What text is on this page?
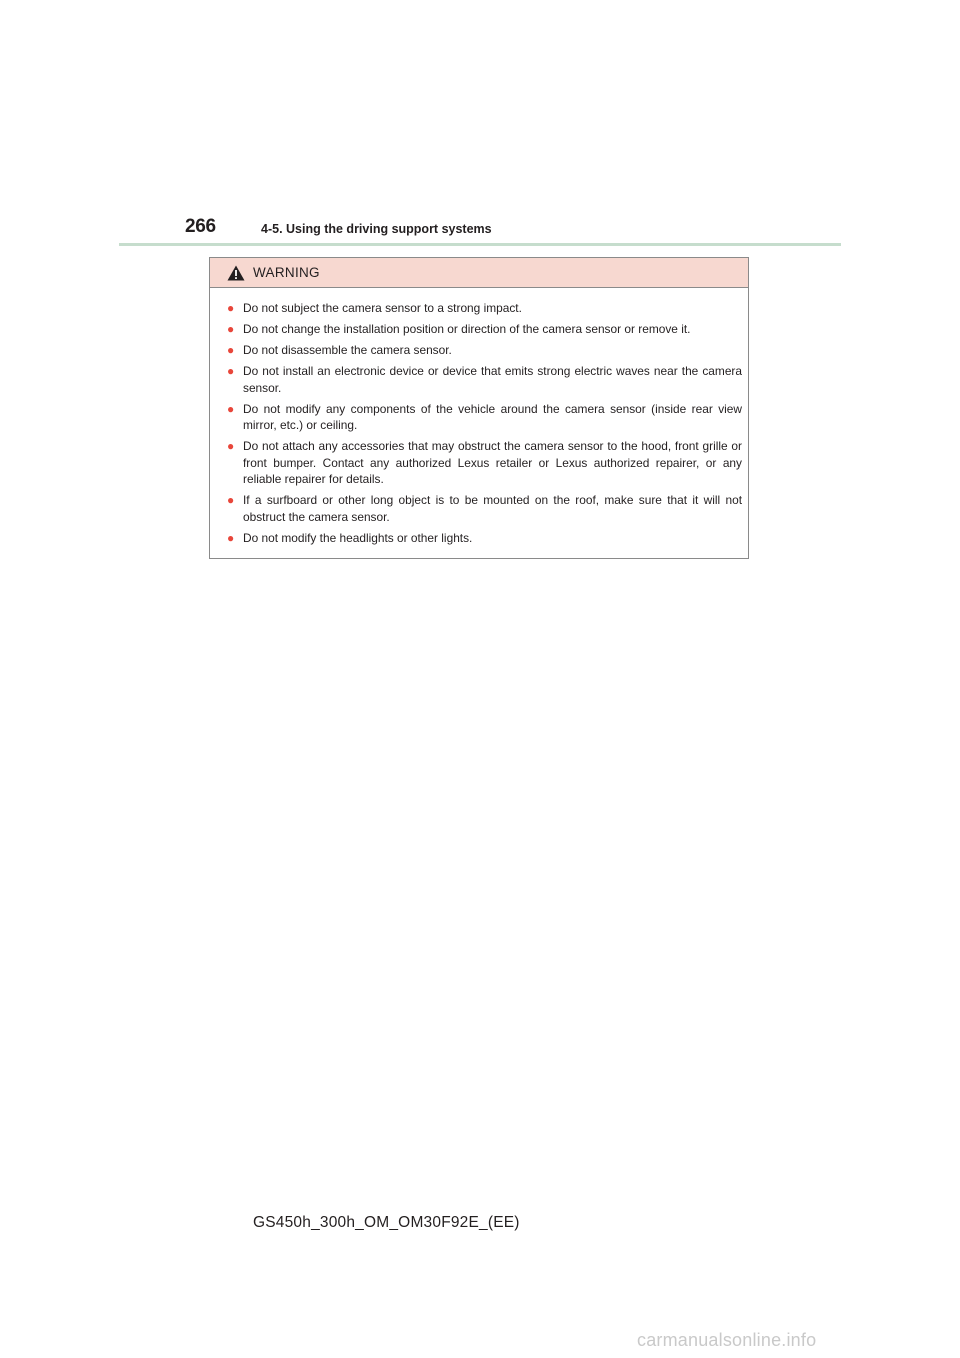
266	4-5. Using the driving support systems
WARNING
● Do not subject the camera sensor to a strong impact.
● Do not change the installation position or direction of the camera sensor or remove it.
● Do not disassemble the camera sensor.
● Do not install an electronic device or device that emits strong electric waves near the camera sensor.
● Do not modify any components of the vehicle around the camera sensor (inside rear view mirror, etc.) or ceiling.
● Do not attach any accessories that may obstruct the camera sensor to the hood, front grille or front bumper. Contact any authorized Lexus retailer or Lexus authorized repairer, or any reliable repairer for details.
● If a surfboard or other long object is to be mounted on the roof, make sure that it will not obstruct the camera sensor.
● Do not modify the headlights or other lights.
GS450h_300h_OM_OM30F92E_(EE)
carmanualsonline.info
